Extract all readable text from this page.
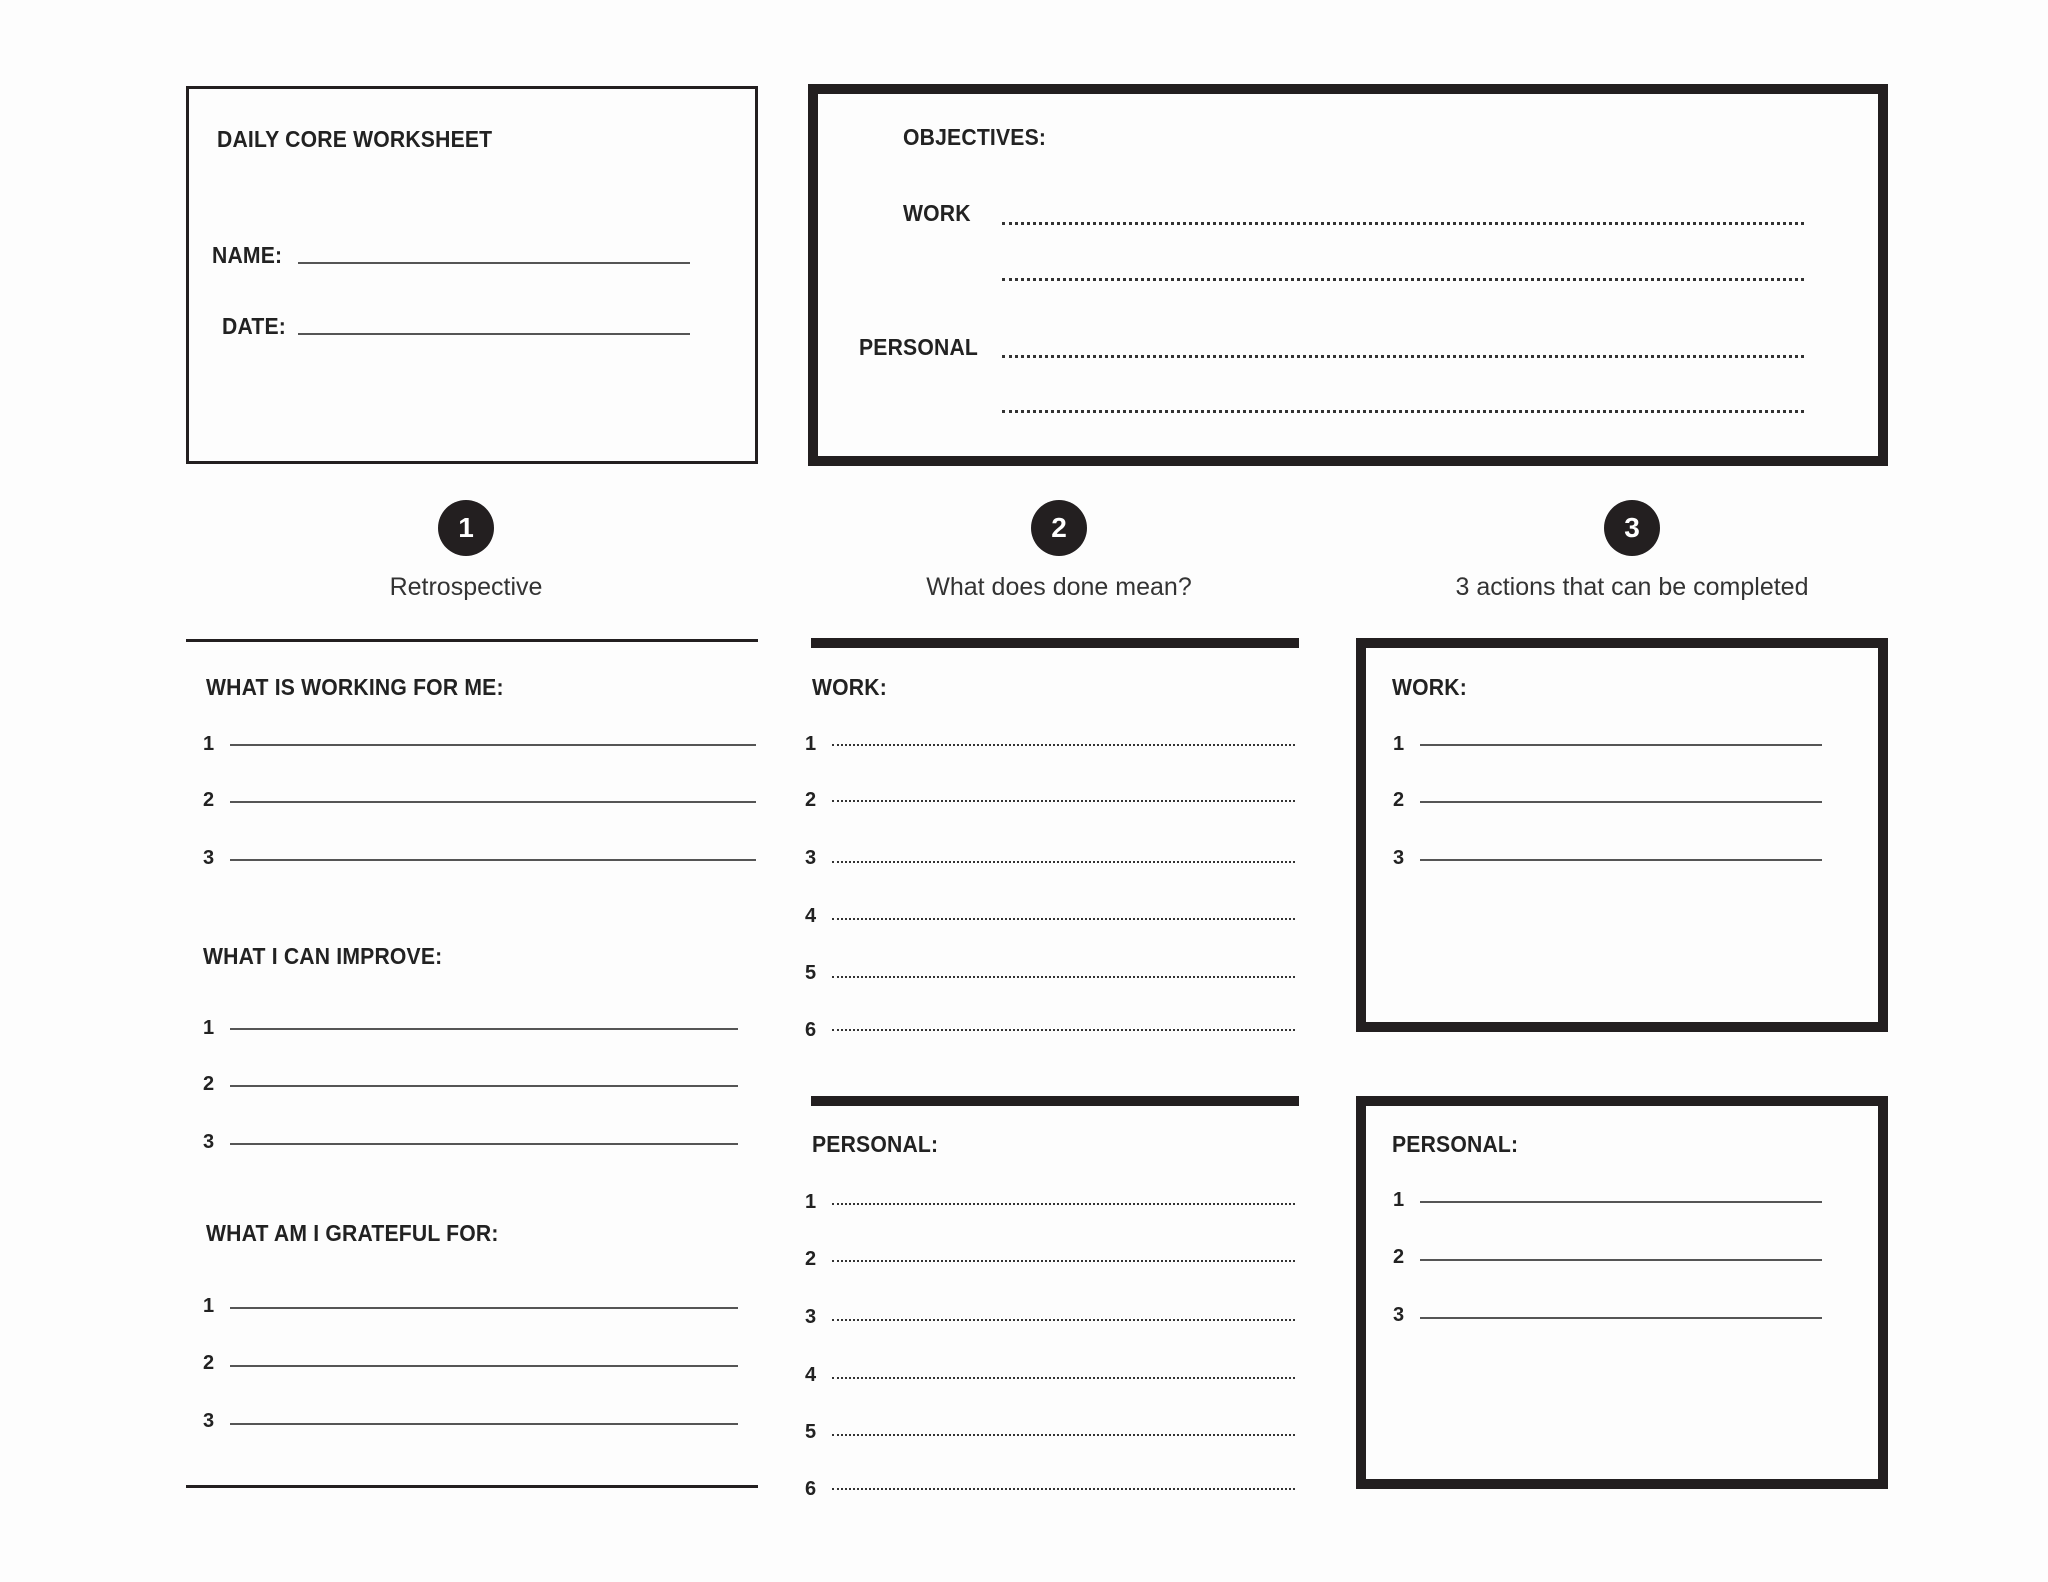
DAILY CORE WORKSHEET
NAME:
DATE:
OBJECTIVES:
WORK
PERSONAL
1
Retrospective
2
What does done mean?
3
3 actions that can be completed
WHAT IS WORKING FOR ME:
1
2
3
WHAT I CAN IMPROVE:
1
2
3
WHAT AM I GRATEFUL FOR:
1
2
3
WORK:
1
2
3
4
5
6
PERSONAL:
1
2
3
4
5
6
WORK:
1
2
3
PERSONAL:
1
2
3
